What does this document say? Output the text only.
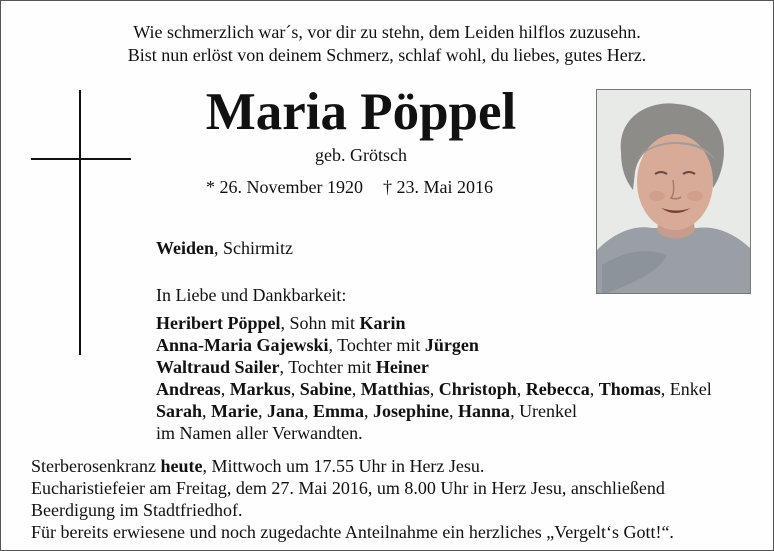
Wie schmerzlich war´s, vor dir zu stehn, dem Leiden hilflos zuzusehn.
Bist nun erlöst von deinem Schmerz, schlaf wohl, du liebes, gutes Herz.
Maria Pöppel
geb. Grötsch
* 26. November 1920 † 23. Mai 2016
Weiden, Schirmitz
In Liebe und Dankbarkeit:
Heribert Pöppel, Sohn mit Karin
Anna-Maria Gajewski, Tochter mit Jürgen
Waltraud Sailer, Tochter mit Heiner
Andreas, Markus, Sabine, Matthias, Christoph, Rebecca, Thomas, Enkel
Sarah, Marie, Jana, Emma, Josephine, Hanna, Urenkel
im Namen aller Verwandten.
Sterberosenkranz heute, Mittwoch um 17.55 Uhr in Herz Jesu.
Eucharistiefeier am Freitag, dem 27. Mai 2016, um 8.00 Uhr in Herz Jesu, anschließend
Beerdigung im Stadtfriedhof.
Für bereits erwiesene und noch zugedachte Anteilnahme ein herzliches „Vergelt‘s Gott!“.
